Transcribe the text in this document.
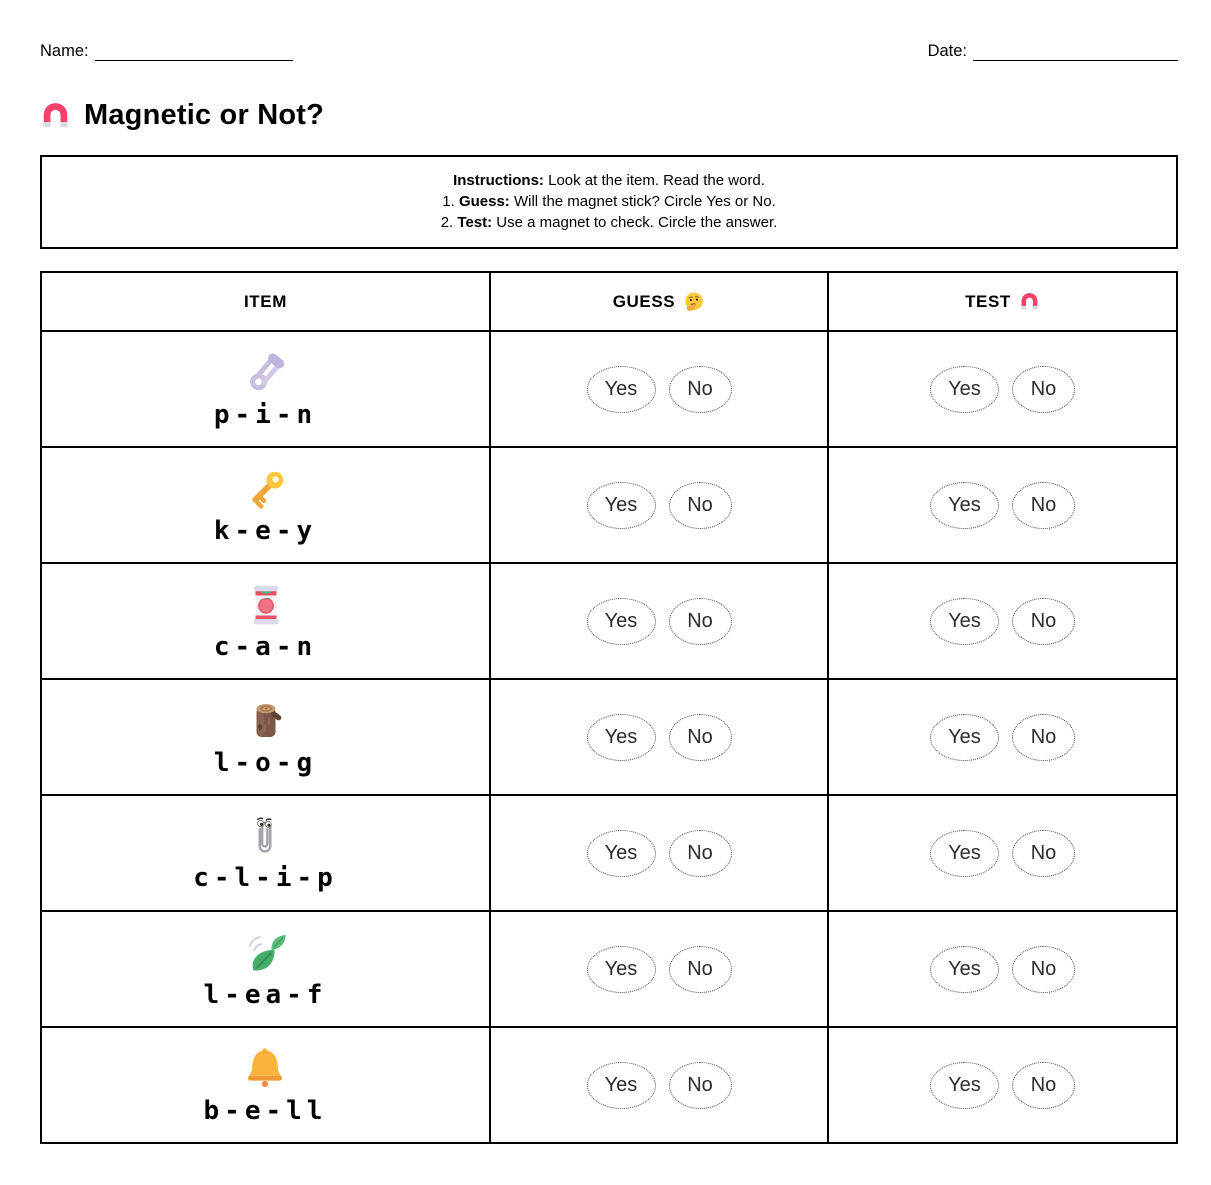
Name:	Date:
Magnetic or Not?
Instructions: Look at the item. Read the word.
1. Guess: Will the magnet stick? Circle Yes or No.
2. Test: Use a magnet to check. Circle the answer.
ITEM	GUESS	TEST
p-i-n
Yes	No	Yes	No
k-e-y
Yes	No	Yes	No
c-a-n
Yes	No	Yes	No
l-o-g
Yes	No	Yes	No
c-l-i-p
Yes	No	Yes	No
l-ea-f
Yes	No	Yes	No
b-e-ll
Yes	No	Yes	No
